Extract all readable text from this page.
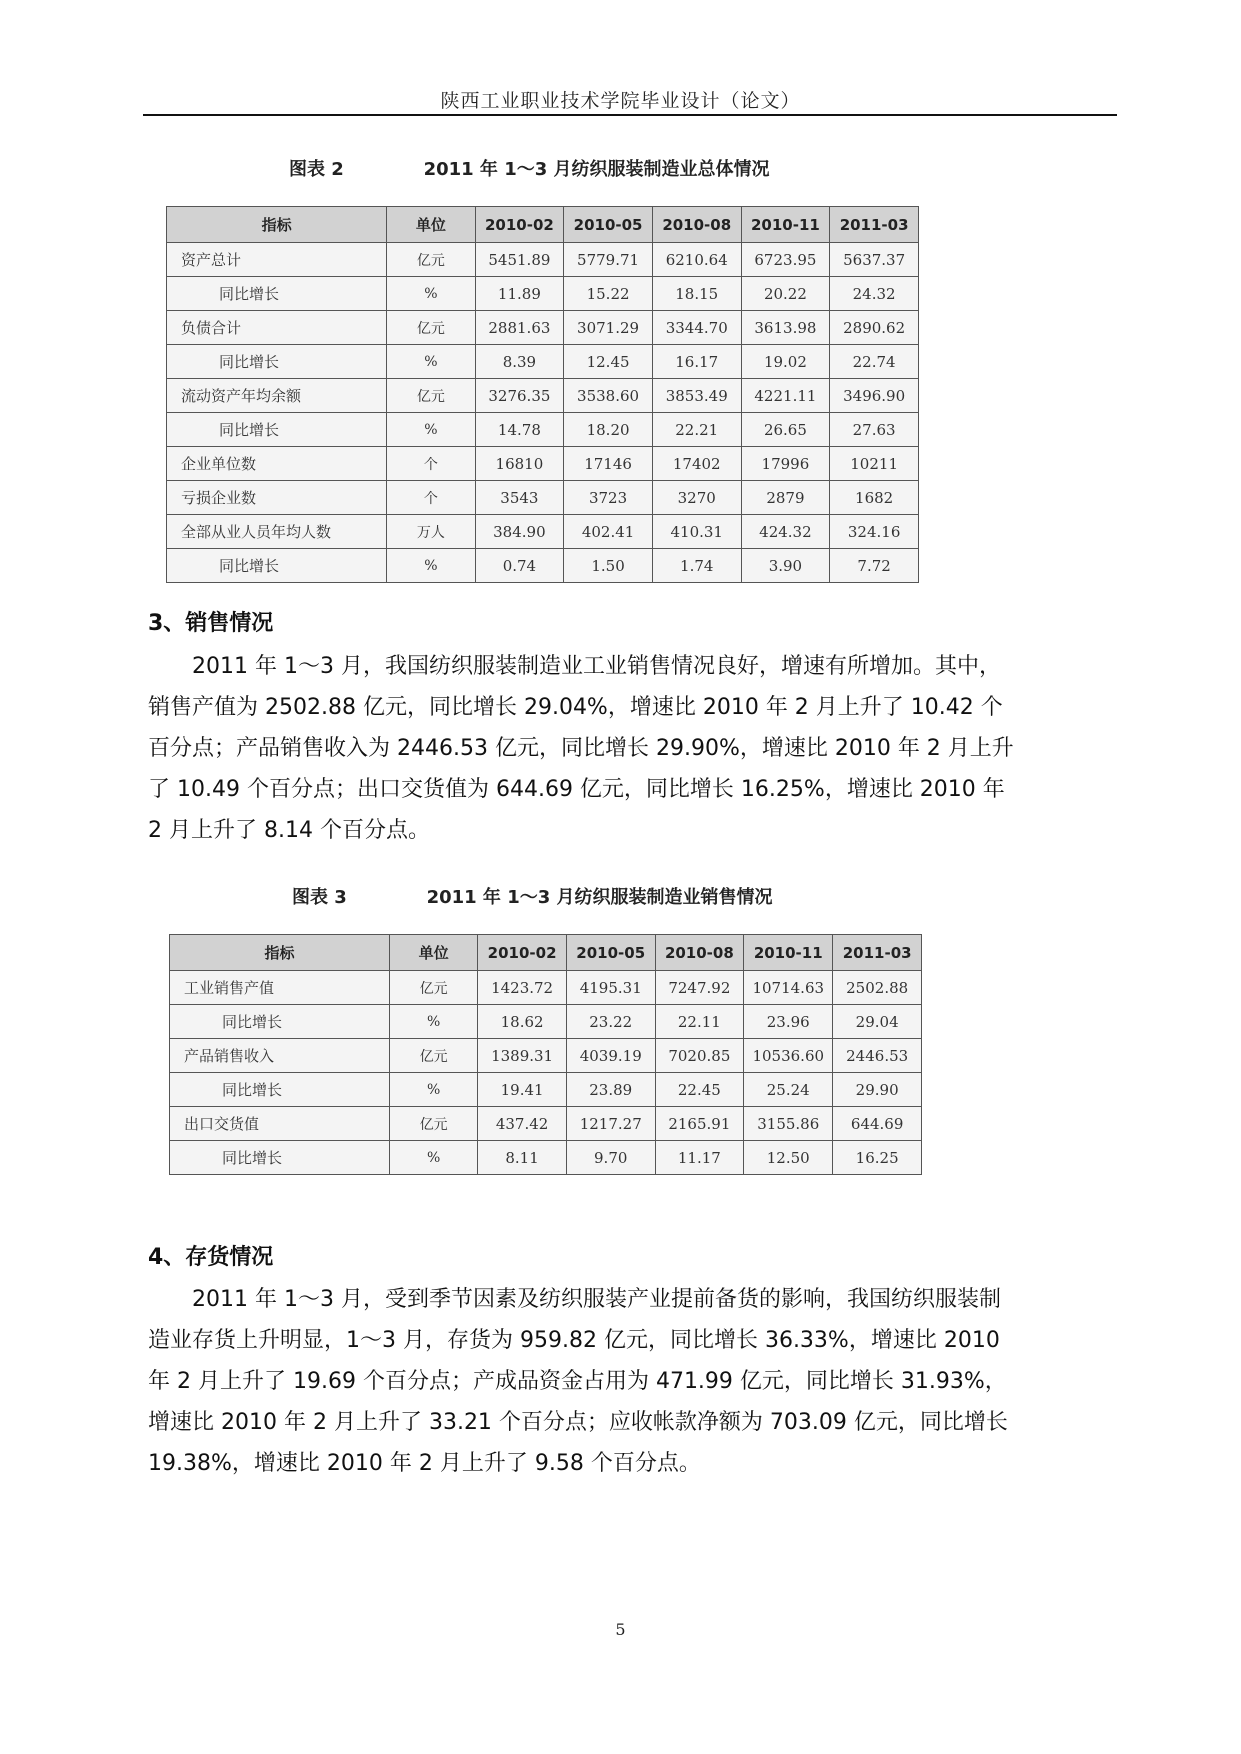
陕西工业职业技术学院毕业设计（论文）
图表 2	2011 年 1～3 月纺织服装制造业总体情况
指标	单位	2010-02	2010-05	2010-08	2010-11	2011-03
资产总计	亿元	5451.89	5779.71	6210.64	6723.95	5637.37
同比增长	%	11.89	15.22	18.15	20.22	24.32
负债合计	亿元	2881.63	3071.29	3344.70	3613.98	2890.62
同比增长	%	8.39	12.45	16.17	19.02	22.74
流动资产年均余额	亿元	3276.35	3538.60	3853.49	4221.11	3496.90
同比增长	%	14.78	18.20	22.21	26.65	27.63
企业单位数	个	16810	17146	17402	17996	10211
亏损企业数	个	3543	3723	3270	2879	1682
全部从业人员年均人数	万人	384.90	402.41	410.31	424.32	324.16
同比增长	%	0.74	1.50	1.74	3.90	7.72
3、销售情况
2011 年 1～3 月，我国纺织服装制造业工业销售情况良好，增速有所增加。其中，
销售产值为 2502.88 亿元，同比增长 29.04%，增速比 2010 年 2 月上升了 10.42 个
百分点；产品销售收入为 2446.53 亿元，同比增长 29.90%，增速比 2010 年 2 月上升
了 10.49 个百分点；出口交货值为 644.69 亿元，同比增长 16.25%，增速比 2010 年
2 月上升了 8.14 个百分点。
图表 3	2011 年 1～3 月纺织服装制造业销售情况
指标	单位	2010-02	2010-05	2010-08	2010-11	2011-03
工业销售产值	亿元	1423.72	4195.31	7247.92	10714.63	2502.88
同比增长	%	18.62	23.22	22.11	23.96	29.04
产品销售收入	亿元	1389.31	4039.19	7020.85	10536.60	2446.53
同比增长	%	19.41	23.89	22.45	25.24	29.90
出口交货值	亿元	437.42	1217.27	2165.91	3155.86	644.69
同比增长	%	8.11	9.70	11.17	12.50	16.25
4、存货情况
2011 年 1～3 月，受到季节因素及纺织服装产业提前备货的影响，我国纺织服装制
造业存货上升明显，1～3 月，存货为 959.82 亿元，同比增长 36.33%，增速比 2010
年 2 月上升了 19.69 个百分点；产成品资金占用为 471.99 亿元，同比增长 31.93%，
增速比 2010 年 2 月上升了 33.21 个百分点；应收帐款净额为 703.09 亿元，同比增长
19.38%，增速比 2010 年 2 月上升了 9.58 个百分点。
5
